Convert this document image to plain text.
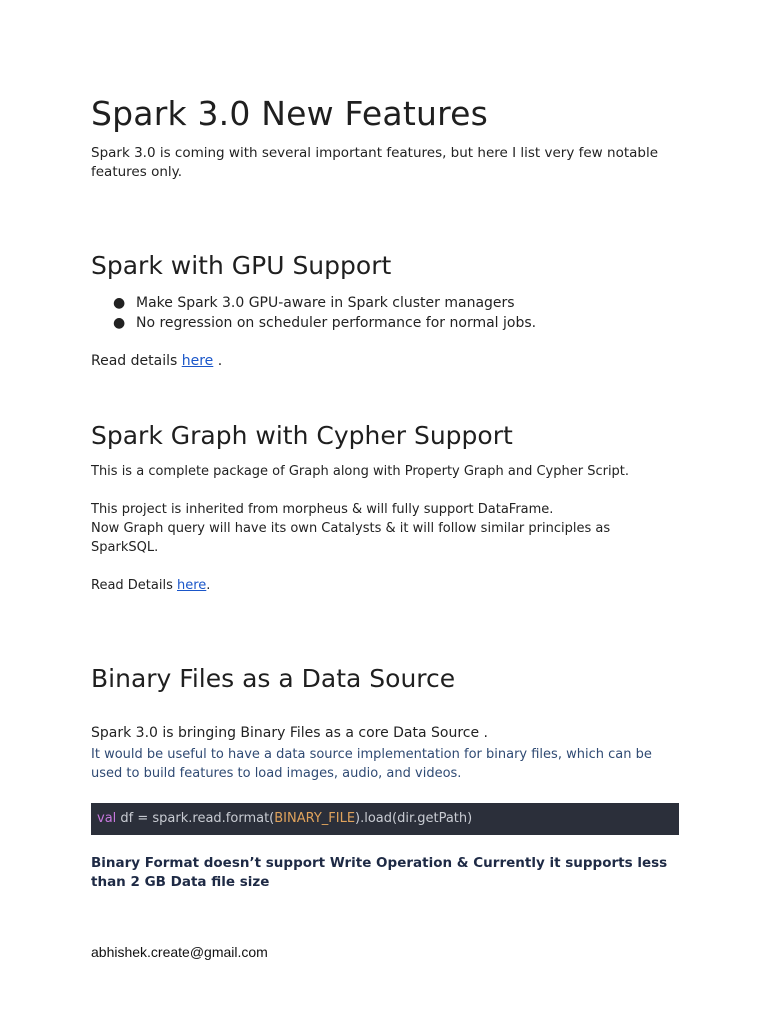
Spark 3.0 New Features

Spark 3.0 is coming with several important features, but here I list very few notable features only.

Spark with GPU Support
● Make Spark 3.0 GPU-aware in Spark cluster managers
● No regression on scheduler performance for normal jobs.

Read details here .

Spark Graph with Cypher Support

This is a complete package of Graph along with Property Graph and Cypher Script.

This project is inherited from morpheus & will fully support DataFrame.

Now Graph query will have its own Catalysts & it will follow similar principles as SparkSQL.

Read Details here.

Binary Files as a Data Source

Spark 3.0 is bringing Binary Files as a core Data Source .

It would be useful to have a data source implementation for binary files, which can be used to build features to load images, audio, and videos.

val df = spark.read.format(BINARY_FILE).load(dir.getPath)

Binary Format doesn’t support Write Operation & Currently it supports less than 2 GB Data file size

abhishek.create@gmail.com
